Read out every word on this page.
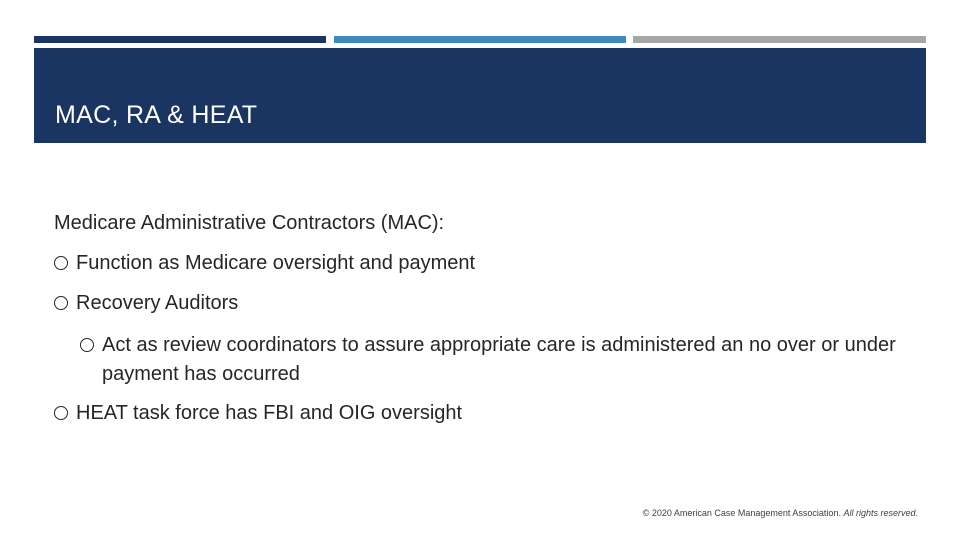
MAC, RA & HEAT
Medicare Administrative Contractors (MAC):
Function as Medicare oversight and payment
Recovery Auditors
Act as review coordinators to assure appropriate care is administered an no over or under payment has occurred
HEAT task force has FBI and OIG oversight
© 2020 American Case Management Association. All rights reserved.
